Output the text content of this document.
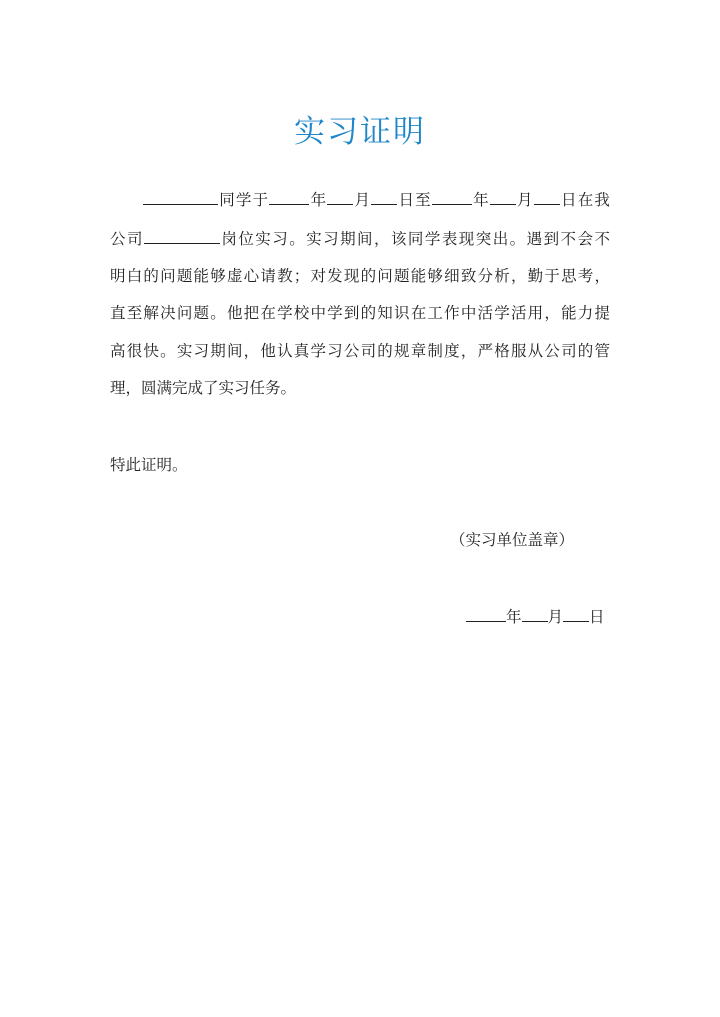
实习证明
同学于	年 月 日至	年 月 日在我
公司	岗位实习。实习期间，该同学表现突出。遇到不会不
明白的问题能够虚心请教；对发现的问题能够细致分析，勤于思考，
直至解决问题。他把在学校中学到的知识在工作中活学活用，能力提
高很快。实习期间，他认真学习公司的规章制度，严格服从公司的管
理，圆满完成了实习任务。
特此证明。
（实习单位盖章）
年 月 日
